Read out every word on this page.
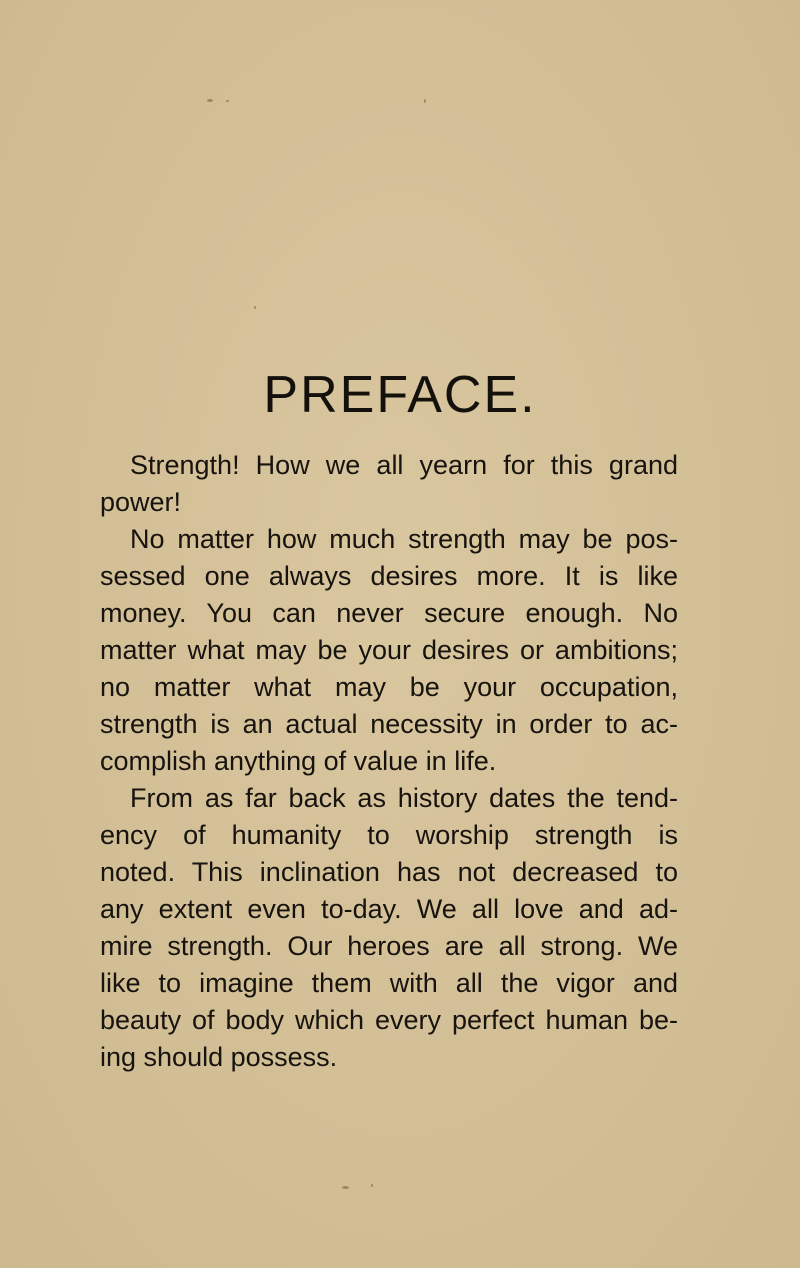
PREFACE.
Strength! How we all yearn for this grand
power!
No matter how much strength may be pos-
sessed one always desires more. It is like
money. You can never secure enough. No
matter what may be your desires or ambitions;
no matter what may be your occupation,
strength is an actual necessity in order to ac-
complish anything of value in life.
From as far back as history dates the tend-
ency of humanity to worship strength is
noted. This inclination has not decreased to
any extent even to-day. We all love and ad-
mire strength. Our heroes are all strong. We
like to imagine them with all the vigor and
beauty of body which every perfect human be-
ing should possess.
